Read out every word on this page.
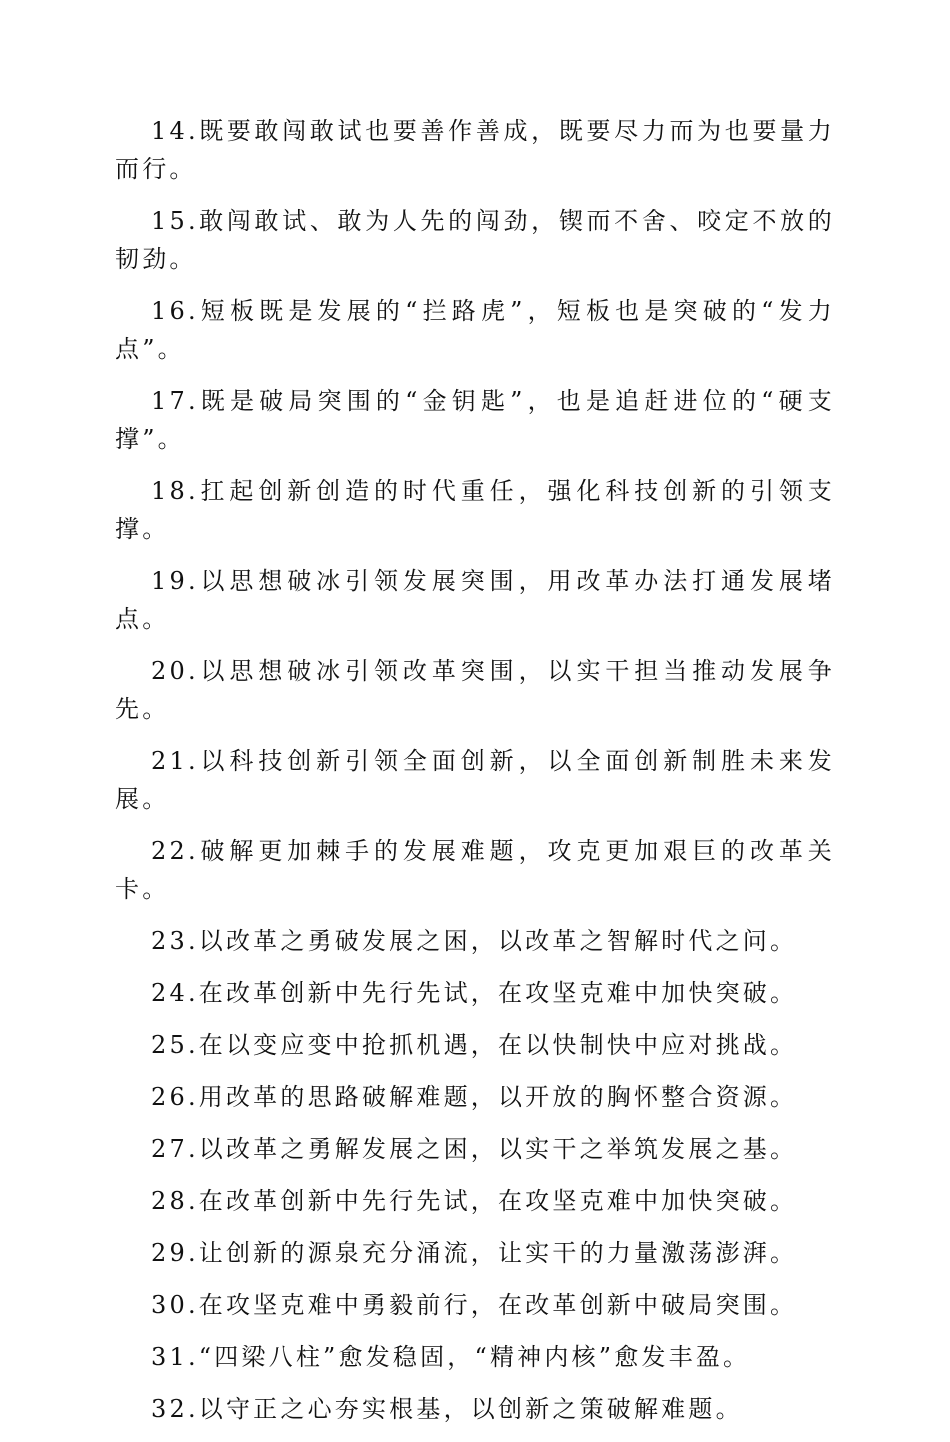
14.既要敢闯敢试也要善作善成，既要尽力而为也要量力而行。

15.敢闯敢试、敢为人先的闯劲，锲而不舍、咬定不放的韧劲。

16.短板既是发展的“拦路虎”，短板也是突破的“发力点”。

17.既是破局突围的“金钥匙”，也是追赶进位的“硬支撑”。

18.扛起创新创造的时代重任，强化科技创新的引领支撑。

19.以思想破冰引领发展突围，用改革办法打通发展堵点。

20.以思想破冰引领改革突围，以实干担当推动发展争先。

21.以科技创新引领全面创新，以全面创新制胜未来发展。

22.破解更加棘手的发展难题，攻克更加艰巨的改革关卡。

23.以改革之勇破发展之困，以改革之智解时代之问。

24.在改革创新中先行先试，在攻坚克难中加快突破。

25.在以变应变中抢抓机遇，在以快制快中应对挑战。

26.用改革的思路破解难题，以开放的胸怀整合资源。

27.以改革之勇解发展之困，以实干之举筑发展之基。

28.在改革创新中先行先试，在攻坚克难中加快突破。

29.让创新的源泉充分涌流，让实干的力量激荡澎湃。

30.在攻坚克难中勇毅前行，在改革创新中破局突围。

31.“四梁八柱”愈发稳固，“精神内核”愈发丰盈。

32.以守正之心夯实根基，以创新之策破解难题。
